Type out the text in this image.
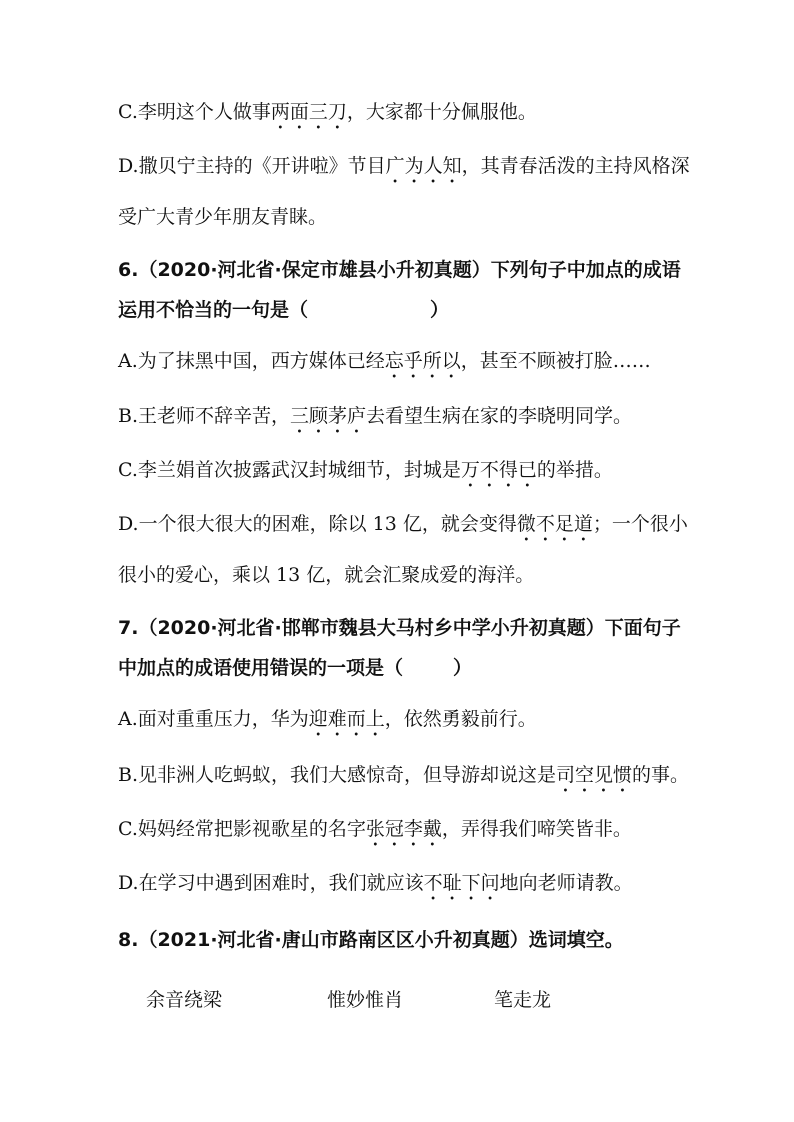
C.李明这个人做事两面三刀，大家都十分佩服他。
D.撒贝宁主持的《开讲啦》节目广为人知，其青春活泼的主持风格深
受广大青少年朋友青睐。
6.（2020·河北省·保定市雄县小升初真题）下列句子中加点的成语
运用不恰当的一句是（	）
A.为了抹黑中国，西方媒体已经忘乎所以，甚至不顾被打脸……
B.王老师不辞辛苦，三顾茅庐去看望生病在家的李晓明同学。
C.李兰娟首次披露武汉封城细节，封城是万不得已的举措。
D.一个很大很大的困难，除以 13 亿，就会变得微不足道；一个很小
很小的爱心，乘以 13 亿，就会汇聚成爱的海洋。
7.（2020·河北省·邯郸市魏县大马村乡中学小升初真题）下面句子
中加点的成语使用错误的一项是（	）
A.面对重重压力，华为迎难而上，依然勇毅前行。
B.见非洲人吃蚂蚁，我们大感惊奇，但导游却说这是司空见惯的事。
C.妈妈经常把影视歌星的名字张冠李戴，弄得我们啼笑皆非。
D.在学习中遇到困难时，我们就应该不耻下问地向老师请教。
8.（2021·河北省·唐山市路南区区小升初真题）选词填空。
余音绕梁	惟妙惟肖	笔走龙
